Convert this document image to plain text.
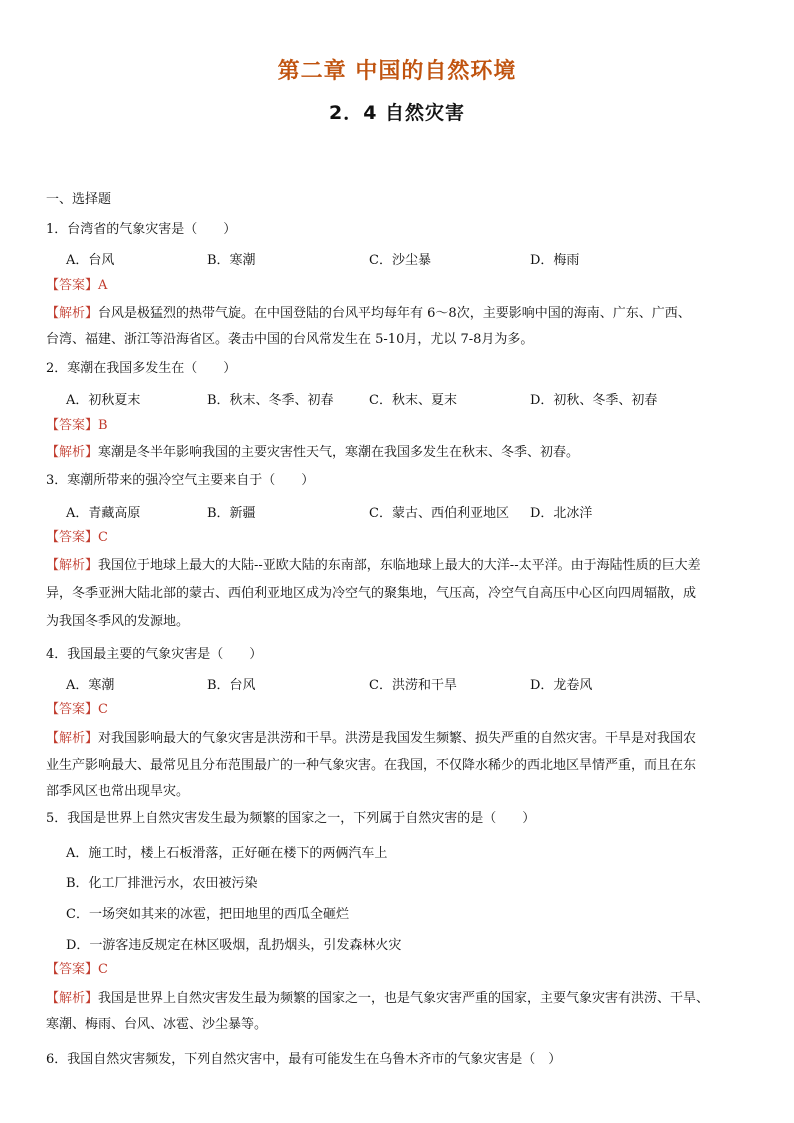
第二章 中国的自然环境
2．4 自然灾害
一、选择题
1．台湾省的气象灾害是（　　）
A．台风	B．寒潮	C．沙尘暴	D．梅雨
【答案】A
【解析】台风是极猛烈的热带气旋。在中国登陆的台风平均每年有 6～8次，主要影响中国的海南、广东、广西、
台湾、福建、浙江等沿海省区。袭击中国的台风常发生在 5-10月，尤以 7-8月为多。
2．寒潮在我国多发生在（　　）
A．初秋夏末	B．秋末、冬季、初春	C．秋末、夏末	D．初秋、冬季、初春
【答案】B
【解析】寒潮是冬半年影响我国的主要灾害性天气，寒潮在我国多发生在秋末、冬季、初春。
3．寒潮所带来的强冷空气主要来自于（　　）
A．青藏高原	B．新疆	C．蒙古、西伯利亚地区 D．北冰洋
【答案】C
【解析】我国位于地球上最大的大陆--亚欧大陆的东南部，东临地球上最大的大洋--太平洋。由于海陆性质的巨大差
异，冬季亚洲大陆北部的蒙古、西伯利亚地区成为冷空气的聚集地，气压高，冷空气自高压中心区向四周辐散，成
为我国冬季风的发源地。
4．我国最主要的气象灾害是（　　）
A．寒潮	B．台风	C．洪涝和干旱	D．龙卷风
【答案】C
【解析】对我国影响最大的气象灾害是洪涝和干旱。洪涝是我国发生频繁、损失严重的自然灾害。干旱是对我国农
业生产影响最大、最常见且分布范围最广的一种气象灾害。在我国，不仅降水稀少的西北地区旱情严重，而且在东
部季风区也常出现旱灾。
5．我国是世界上自然灾害发生最为频繁的国家之一，下列属于自然灾害的是（　　）
A．施工时，楼上石板滑落，正好砸在楼下的两俩汽车上
B．化工厂排泄污水，农田被污染
C．一场突如其来的冰雹，把田地里的西瓜全砸烂
D．一游客违反规定在林区吸烟，乱扔烟头，引发森林火灾
【答案】C
【解析】我国是世界上自然灾害发生最为频繁的国家之一，也是气象灾害严重的国家，主要气象灾害有洪涝、干旱、
寒潮、梅雨、台风、冰雹、沙尘暴等。
6．我国自然灾害频发，下列自然灾害中，最有可能发生在乌鲁木齐市的气象灾害是（　）
